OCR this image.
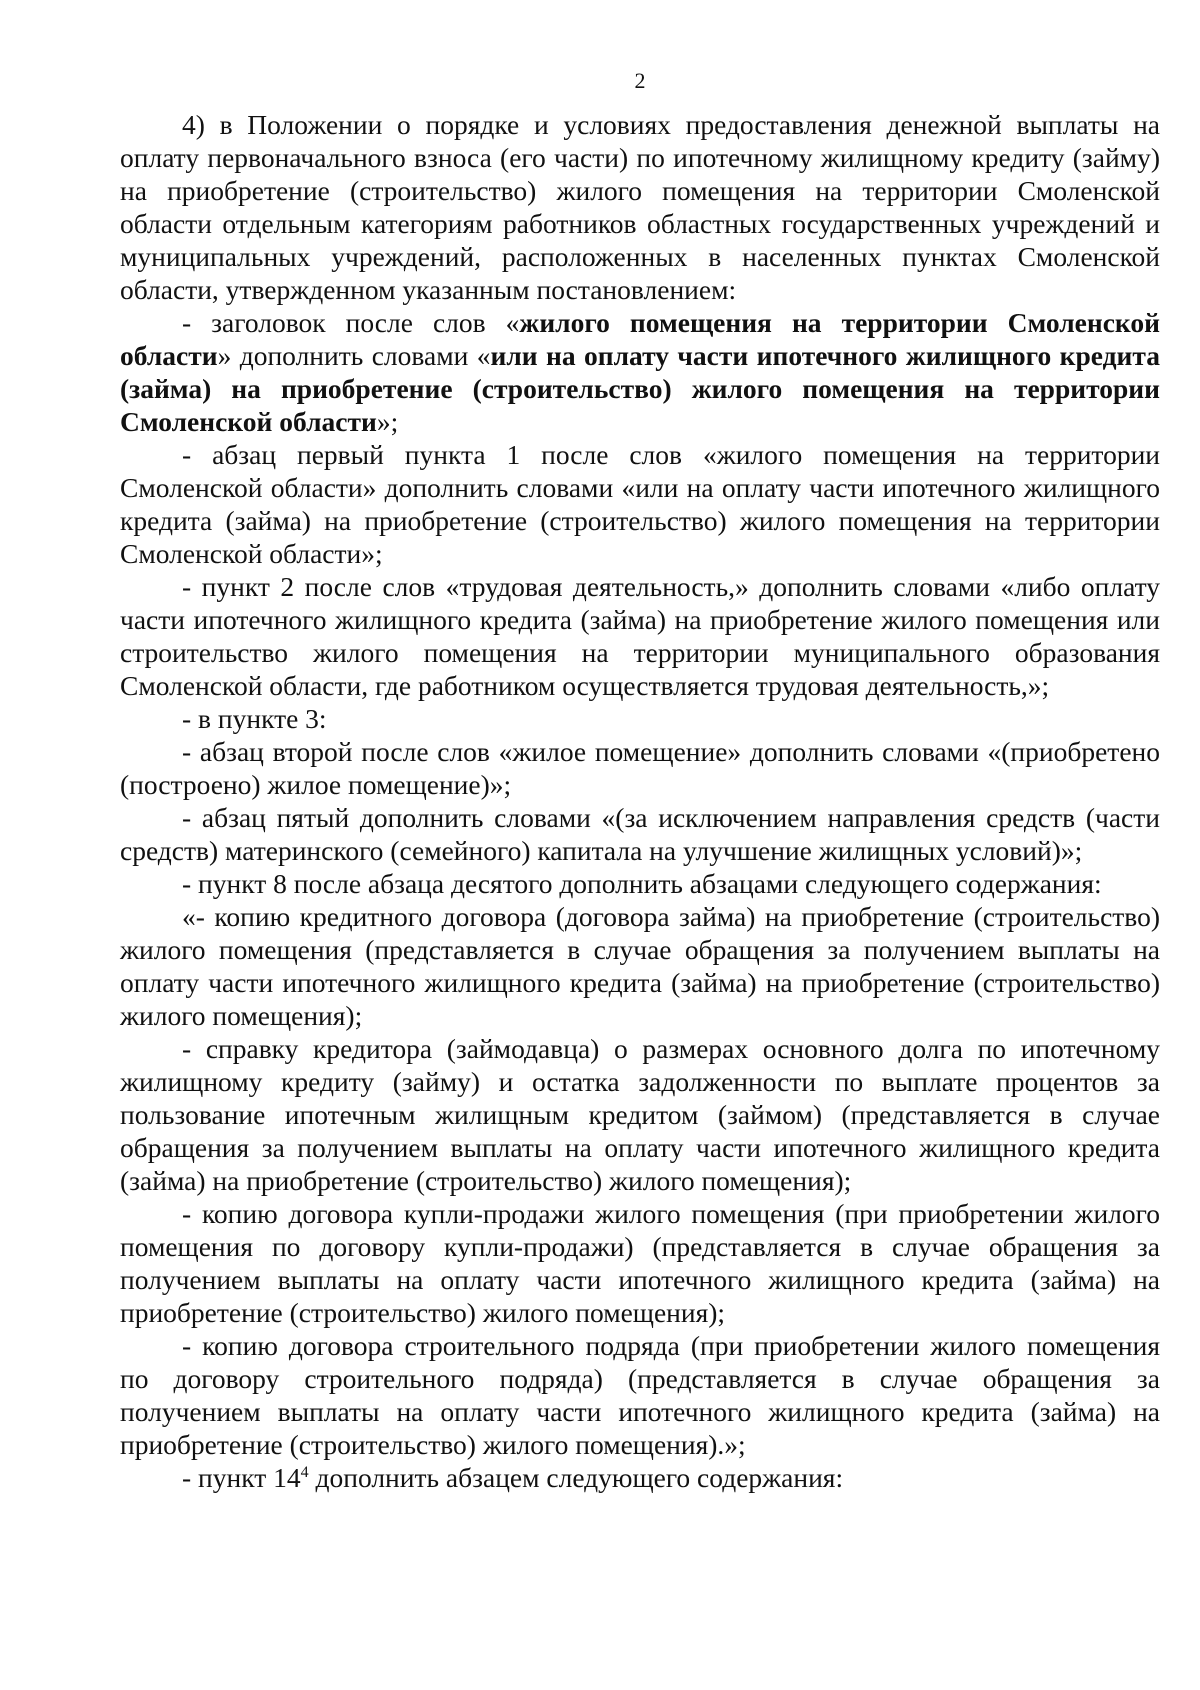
2

4) в Положении о порядке и условиях предоставления денежной выплаты на оплату первоначального взноса (его части) по ипотечному жилищному кредиту (займу) на приобретение (строительство) жилого помещения на территории Смоленской области отдельным категориям работников областных государственных учреждений и муниципальных учреждений, расположенных в населенных пунктах Смоленской области, утвержденном указанным постановлением:

- заголовок после слов «жилого помещения на территории Смоленской области» дополнить словами «или на оплату части ипотечного жилищного кредита (займа) на приобретение (строительство) жилого помещения на территории Смоленской области»;

- абзац первый пункта 1 после слов «жилого помещения на территории Смоленской области» дополнить словами «или на оплату части ипотечного жилищного кредита (займа) на приобретение (строительство) жилого помещения на территории Смоленской области»;

- пункт 2 после слов «трудовая деятельность,» дополнить словами «либо оплату части ипотечного жилищного кредита (займа) на приобретение жилого помещения или строительство жилого помещения на территории муниципального образования Смоленской области, где работником осуществляется трудовая деятельность,»;

- в пункте 3:

- абзац второй после слов «жилое помещение» дополнить словами «(приобретено (построено) жилое помещение)»;

- абзац пятый дополнить словами «(за исключением направления средств (части средств) материнского (семейного) капитала на улучшение жилищных условий)»;

- пункт 8 после абзаца десятого дополнить абзацами следующего содержания:

«- копию кредитного договора (договора займа) на приобретение (строительство) жилого помещения (представляется в случае обращения за получением выплаты на оплату части ипотечного жилищного кредита (займа) на приобретение (строительство) жилого помещения);

- справку кредитора (займодавца) о размерах основного долга по ипотечному жилищному кредиту (займу) и остатка задолженности по выплате процентов за пользование ипотечным жилищным кредитом (займом) (представляется в случае обращения за получением выплаты на оплату части ипотечного жилищного кредита (займа) на приобретение (строительство) жилого помещения);

- копию договора купли-продажи жилого помещения (при приобретении жилого помещения по договору купли-продажи) (представляется в случае обращения за получением выплаты на оплату части ипотечного жилищного кредита (займа) на приобретение (строительство) жилого помещения);

- копию договора строительного подряда (при приобретении жилого помещения по договору строительного подряда) (представляется в случае обращения за получением выплаты на оплату части ипотечного жилищного кредита (займа) на приобретение (строительство) жилого помещения).»;

- пункт $14^4$ дополнить абзацем следующего содержания:
